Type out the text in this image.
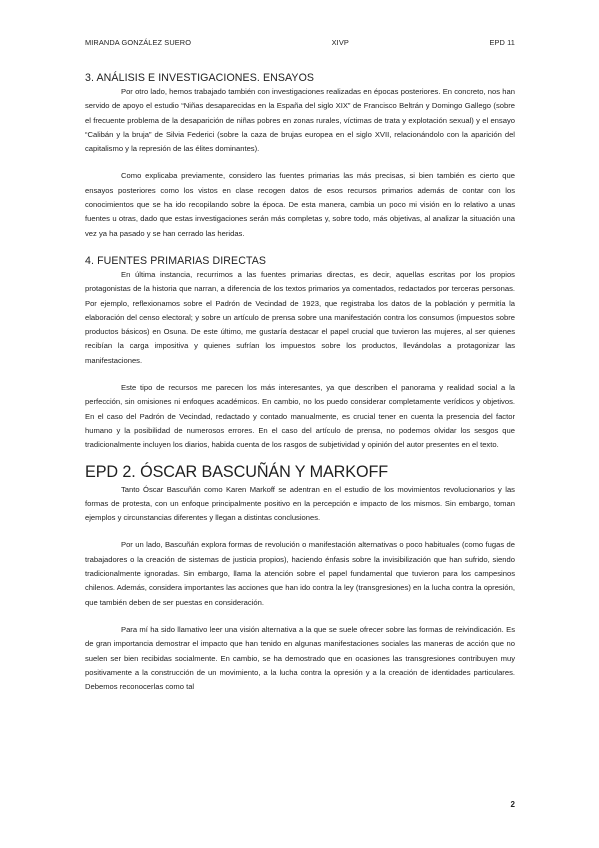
MIRANDA GONZÁLEZ SUERO	XIVP	EPD 11
3. ANÁLISIS E INVESTIGACIONES. ENSAYOS

Por otro lado, hemos trabajado también con investigaciones realizadas en épocas posteriores. En concreto, nos han servido de apoyo el estudio “Niñas desaparecidas en la España del siglo XIX” de Francisco Beltrán y Domingo Gallego (sobre el frecuente problema de la desaparición de niñas pobres en zonas rurales, víctimas de trata y explotación sexual) y el ensayo “Calibán y la bruja” de Silvia Federici (sobre la caza de brujas europea en el siglo XVII, relacionándolo con la aparición del capitalismo y la represión de las élites dominantes).

Como explicaba previamente, considero las fuentes primarias las más precisas, si bien también es cierto que ensayos posteriores como los vistos en clase recogen datos de esos recursos primarios además de contar con los conocimientos que se ha ido recopilando sobre la época. De esta manera, cambia un poco mi visión en lo relativo a unas fuentes u otras, dado que estas investigaciones serán más completas y, sobre todo, más objetivas, al analizar la situación una vez ya ha pasado y se han cerrado las heridas.

4. FUENTES PRIMARIAS DIRECTAS

En última instancia, recurrimos a las fuentes primarias directas, es decir, aquellas escritas por los propios protagonistas de la historia que narran, a diferencia de los textos primarios ya comentados, redactados por terceras personas. Por ejemplo, reflexionamos sobre el Padrón de Vecindad de 1923, que registraba los datos de la población y permitía la elaboración del censo electoral; y sobre un artículo de prensa sobre una manifestación contra los consumos (impuestos sobre productos básicos) en Osuna. De este último, me gustaría destacar el papel crucial que tuvieron las mujeres, al ser quienes recibían la carga impositiva y quienes sufrían los impuestos sobre los productos, llevándolas a protagonizar las manifestaciones.

Este tipo de recursos me parecen los más interesantes, ya que describen el panorama y realidad social a la perfección, sin omisiones ni enfoques académicos. En cambio, no los puedo considerar completamente verídicos y objetivos. En el caso del Padrón de Vecindad, redactado y contado manualmente, es crucial tener en cuenta la presencia del factor humano y la posibilidad de numerosos errores. En el caso del artículo de prensa, no podemos olvidar los sesgos que tradicionalmente incluyen los diarios, habida cuenta de los rasgos de subjetividad y opinión del autor presentes en el texto.

EPD 2. ÓSCAR BASCUÑÁN Y MARKOFF

Tanto Óscar Bascuñán como Karen Markoff se adentran en el estudio de los movimientos revolucionarios y las formas de protesta, con un enfoque principalmente positivo en la percepción e impacto de los mismos. Sin embargo, toman ejemplos y circunstancias diferentes y llegan a distintas conclusiones.

Por un lado, Bascuñán explora formas de revolución o manifestación alternativas o poco habituales (como fugas de trabajadores o la creación de sistemas de justicia propios), haciendo énfasis sobre la invisibilización que han sufrido, siendo tradicionalmente ignoradas. Sin embargo, llama la atención sobre el papel fundamental que tuvieron para los campesinos chilenos. Además, considera importantes las acciones que han ido contra la ley (transgresiones) en la lucha contra la opresión, que también deben de ser puestas en consideración.

Para mí ha sido llamativo leer una visión alternativa a la que se suele ofrecer sobre las formas de reivindicación. Es de gran importancia demostrar el impacto que han tenido en algunas manifestaciones sociales las maneras de acción que no suelen ser bien recibidas socialmente. En cambio, se ha demostrado que en ocasiones las transgresiones contribuyen muy positivamente a la construcción de un movimiento, a la lucha contra la opresión y a la creación de identidades particulares. Debemos reconocerlas como tal

2
